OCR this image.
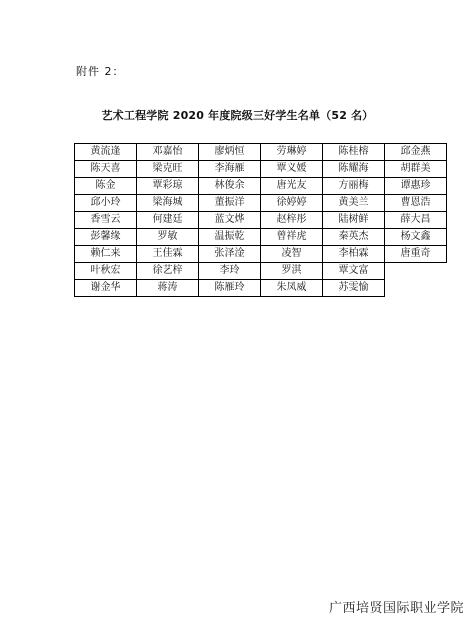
附件 2：
艺术工程学院 2020 年度院级三好学生名单（52 名）
黄流逢	邓嘉怡	廖炳恒	劳琳婷	陈桂榕	邱金燕
陈天喜	梁克旺	李海雁	覃义媛	陈耀海	胡群美
陈金	覃彩琼	林俊余	唐光友	方丽梅	谭惠珍
邱小玲	梁海城	董振洋	徐婷婷	黄美兰	曹恩浩
香雪云	何建廷	蓝文烨	赵梓彤	陆树鲜	薛大昌
彭馨缘	罗敏	温振乾	曾祥虎	秦英杰	杨文鑫
赖仁来	王佳霖	张泽淦	凌智	李柏霖	唐重奇
叶秋宏	徐艺梓	李玲	罗淇	覃文富	
谢金华	蒋涛	陈雁玲	朱凤威	苏雯愉	
广西培贤国际职业学院
